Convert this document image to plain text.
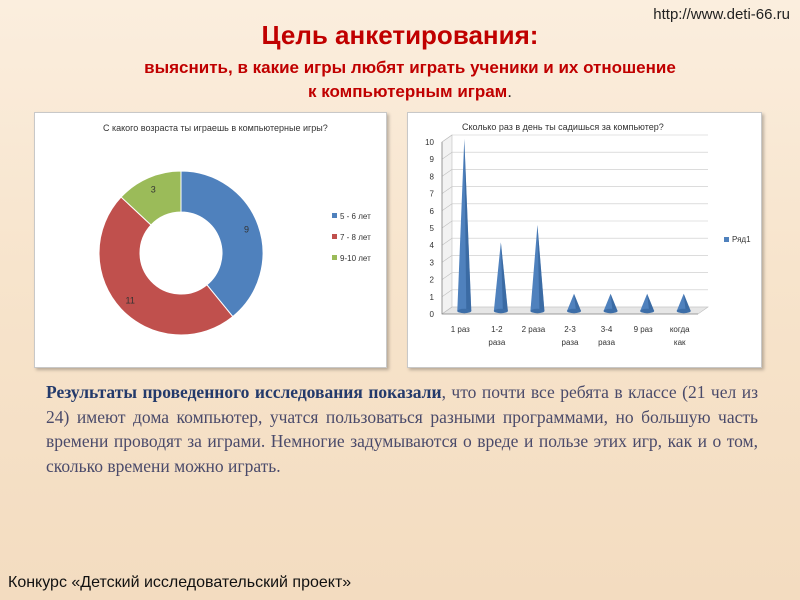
http://www.deti-66.ru
Цель анкетирования:
выяснить, в какие игры любят играть ученики и их отношение
к компьютерным играм.
С какого возраста ты играешь в компьютерные игры?
9
11
3
5 - 6 лет
7 - 8 лет
9-10 лет
Сколько раз в день ты садишься за компьютер?
0
1
2
3
4
5
6
7
8
9
10
1 раз	1-2
раза
2 раза 2-3
раза
3-4
раза
9 раз когда
как
Ряд1
Результаты проведенного исследования показали, что почти все ребята в классе (21 чел из 24) имеют дома компьютер, учатся пользоваться разными программами, но большую часть времени проводят за играми. Немногие задумываются о вреде и пользе этих игр, как и о том, сколько времени можно играть.
Конкурс «Детский исследовательский проект»
